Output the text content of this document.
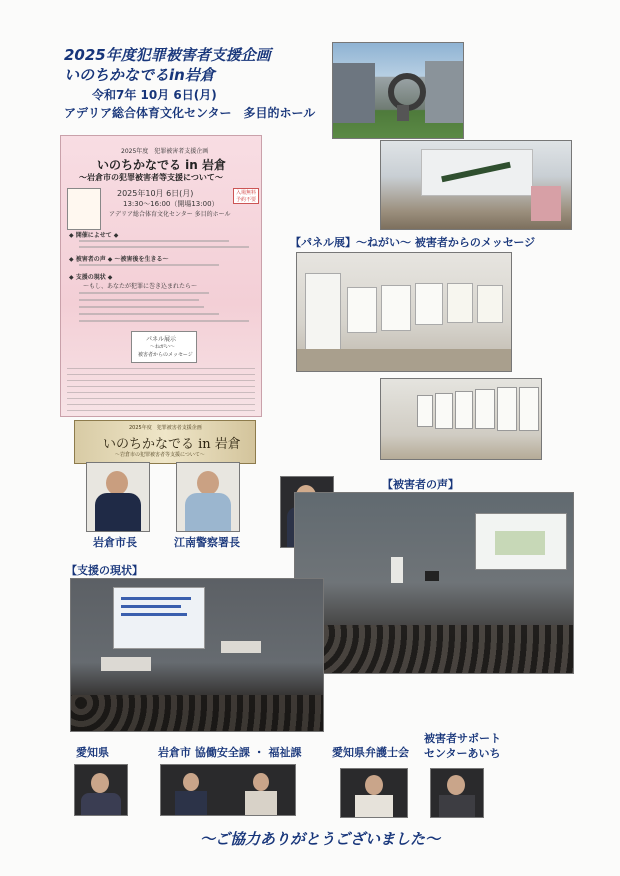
2025年度犯罪被害者支援企画
いのちかなでるin岩倉
令和7年 10月 6日(月)
アデリア総合体育文化センター　多目的ホール
2025年度　犯罪被害者支援企画
いのちかなでる in 岩倉
～岩倉市の犯罪被害者等支援について～
2025年10月 6日(月)
13:30～16:00（開場13:00）
アデリア総合体育文化センター 多目的ホール
入場無料 予約不要
◆ 開催によせて ◆
◆ 被害者の声 ◆ ～被害後を生きる～
◆ 支援の現状 ◆
～もし、あなたが犯罪に巻き込まれたら～
パネル展示
～ねがい～
被害者からのメッセージ
2025年度　犯罪被害者支援企画
いのちかなでる in 岩倉
～岩倉市の犯罪被害者等支援について～
【パネル展】～ねがい～ 被害者からのメッセージ
岩倉市長	江南警察署長
【被害者の声】
【支援の現状】
愛知県	岩倉市 協働安全課 ・ 福祉課	愛知県弁護士会
被害者サポート
センターあいち
～ご協力ありがとうございました～
